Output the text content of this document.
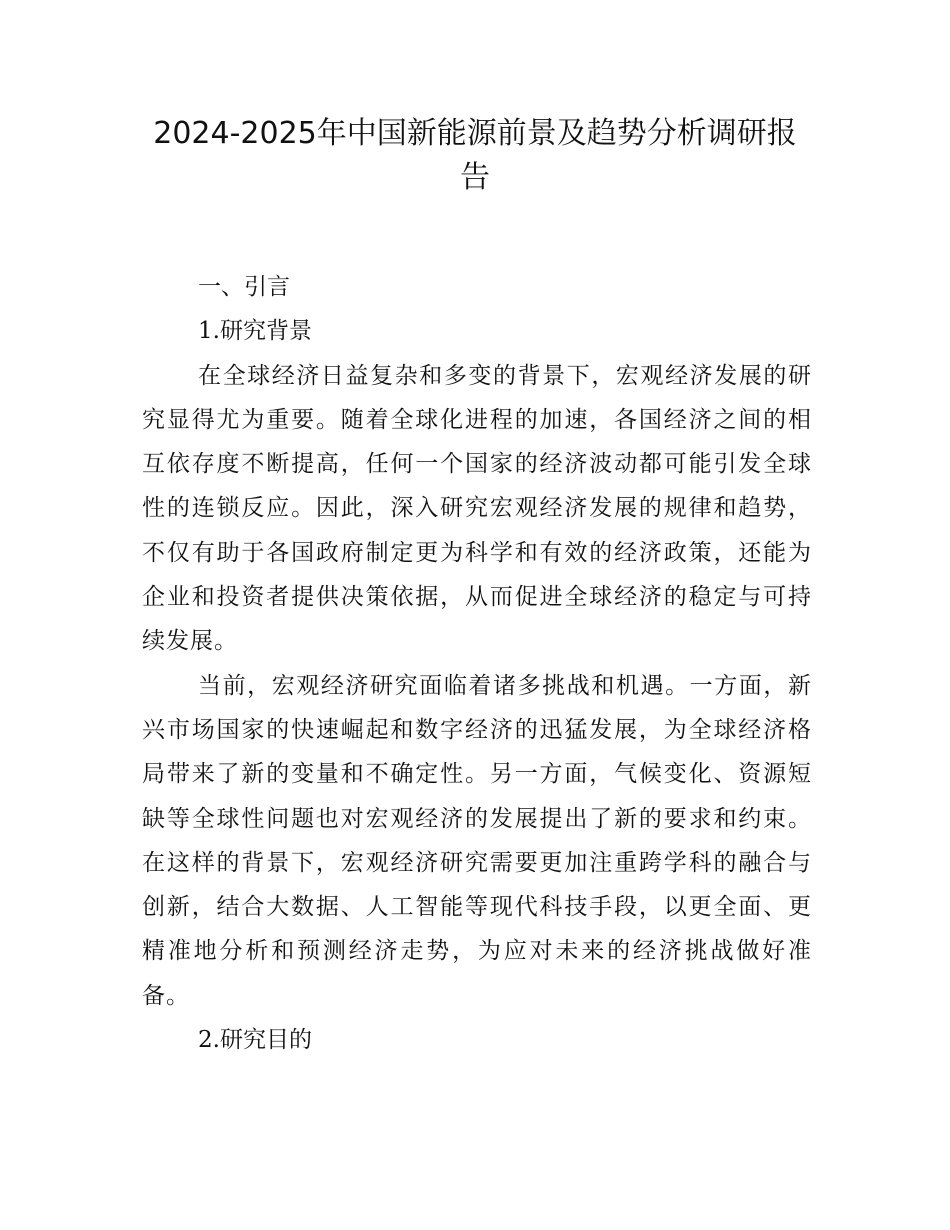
2024-2025年中国新能源前景及趋势分析调研报告

一、引言

1.研究背景

在全球经济日益复杂和多变的背景下，宏观经济发展的研究显得尤为重要。随着全球化进程的加速，各国经济之间的相互依存度不断提高，任何一个国家的经济波动都可能引发全球性的连锁反应。因此，深入研究宏观经济发展的规律和趋势，不仅有助于各国政府制定更为科学和有效的经济政策，还能为企业和投资者提供决策依据，从而促进全球经济的稳定与可持续发展。

当前，宏观经济研究面临着诸多挑战和机遇。一方面，新兴市场国家的快速崛起和数字经济的迅猛发展，为全球经济格局带来了新的变量和不确定性。另一方面，气候变化、资源短缺等全球性问题也对宏观经济的发展提出了新的要求和约束。在这样的背景下，宏观经济研究需要更加注重跨学科的融合与创新，结合大数据、人工智能等现代科技手段，以更全面、更精准地分析和预测经济走势，为应对未来的经济挑战做好准备。

2.研究目的
